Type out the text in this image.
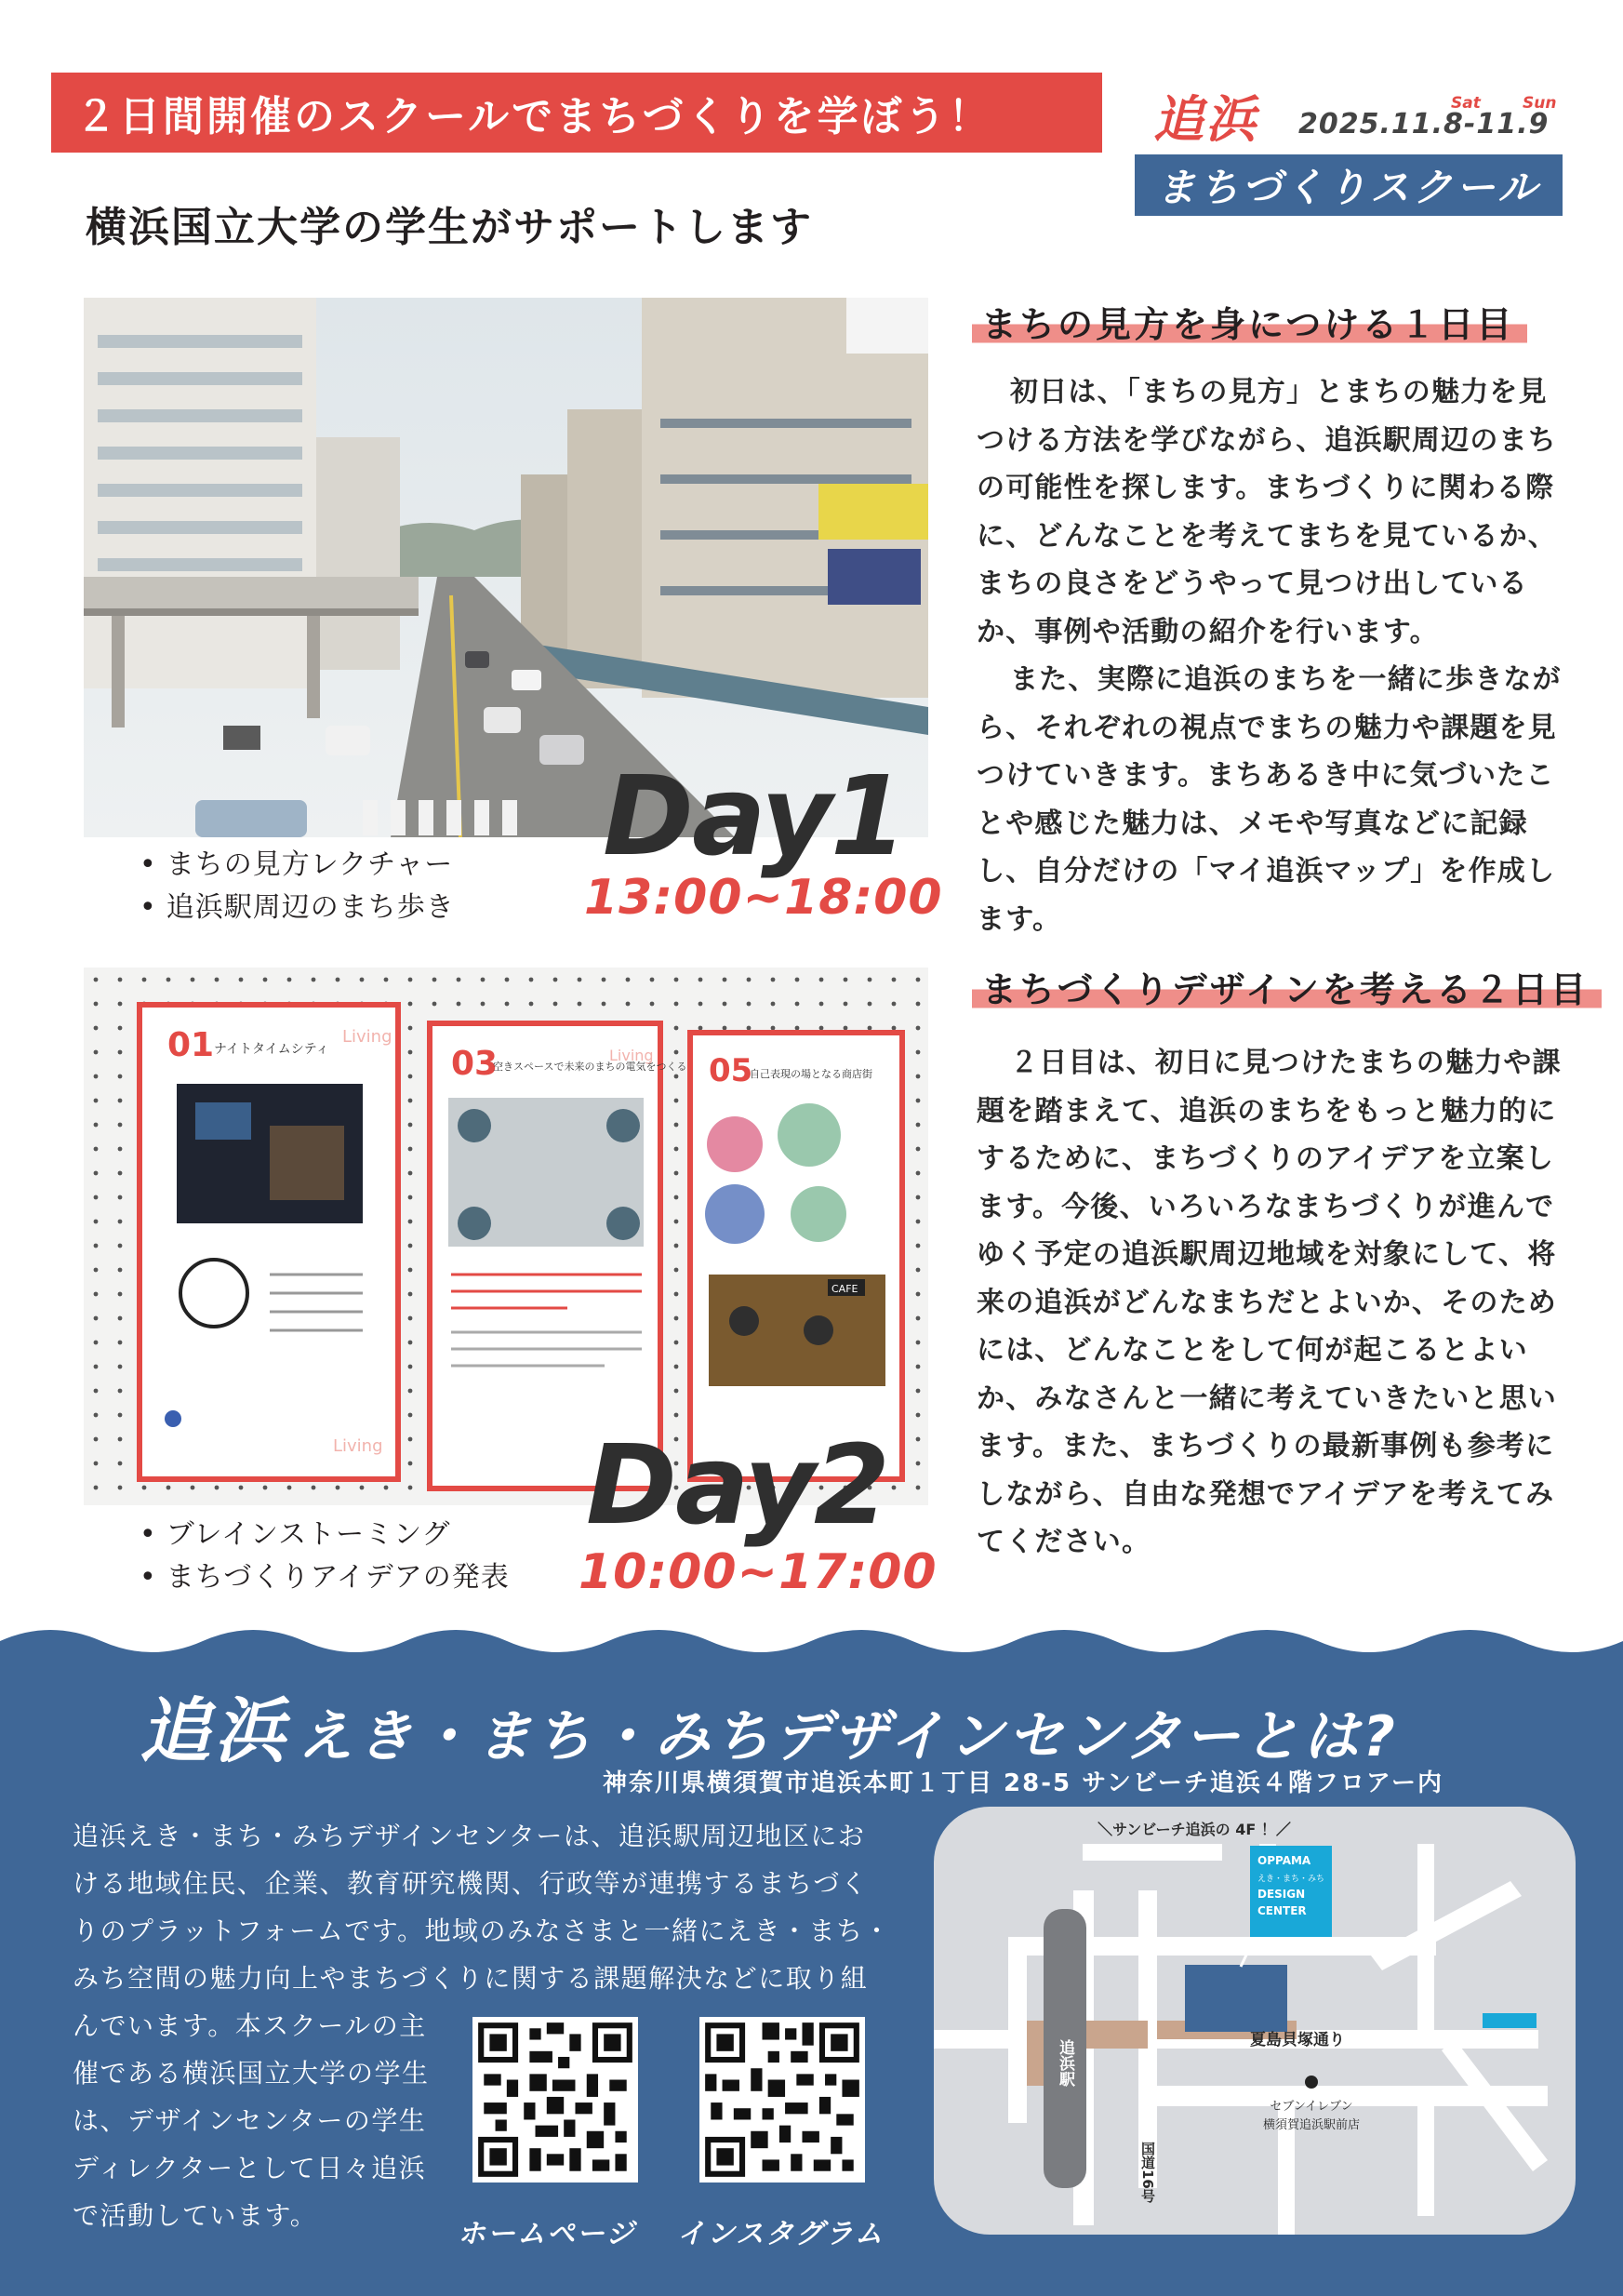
２日間開催のスクールでまちづくりを学ぼう！
横浜国立大学の学生がサポートします
追浜 2025.11.8-11.9
Sat	Sun
まちづくりスクール
Day1
13:00~18:00
• まちの見方レクチャー
• 追浜駅周辺のまち歩き
まちの見方を身につける１日目

初日は、「まちの見方」とまちの魅力を見つける方法を学びながら、追浜駅周辺のまちの可能性を探します。まちづくりに関わる際に、どんなことを考えてまちを見ているか、まちの良さをどうやって見つけ出しているか、事例や活動の紹介を行います。

また、実際に追浜のまちを一緒に歩きながら、それぞれの視点でまちの魅力や課題を見つけていきます。まちあるき中に気づいたことや感じた魅力は、メモや写真などに記録し、自分だけの「マイ追浜マップ」を作成します。

01 ナイトタイムシティ
Living
Living
03
空きスペースで未来のまちの電気をつくる
Living 05
自己表現の場となる商店街
CAFE
Day2
10:00~17:00
• ブレインストーミング
• まちづくりアイデアの発表
まちづくりデザインを考える２日目

２日目は、初日に見つけたまちの魅力や課題を踏まえて、追浜のまちをもっと魅力的にするために、まちづくりのアイデアを立案します。今後、いろいろなまちづくりが進んでゆく予定の追浜駅周辺地域を対象にして、将来の追浜がどんなまちだとよいか、そのためには、どんなことをして何が起こるとよいか、みなさんと一緒に考えていきたいと思います。また、まちづくりの最新事例も参考にしながら、自由な発想でアイデアを考えてみてください。

追浜 えき・まち・みちデザインセンターとは?
神奈川県横須賀市追浜本町１丁目 28-5 サンビーチ追浜４階フロアー内
追浜えき・まち・みちデザインセンターは、追浜駅周辺地区にお
ける地域住民、企業、教育研究機関、行政等が連携するまちづく
りのプラットフォームです。地域のみなさまと一緒にえき・まち・
みち空間の魅力向上やまちづくりに関する課題解決などに取り組
んでいます。本スクールの主
催である横浜国立大学の学生
は、デザインセンターの学生
ディレクターとして日々追浜
で活動しています。
ホームページ インスタグラム
追浜駅
OPPAMA
えき・まち・みち
DESIGN
CENTER
＼サンビーチ追浜の 4F ！／
夏島貝塚通り
セブンイレブン
横須賀追浜駅前店
国道16号
